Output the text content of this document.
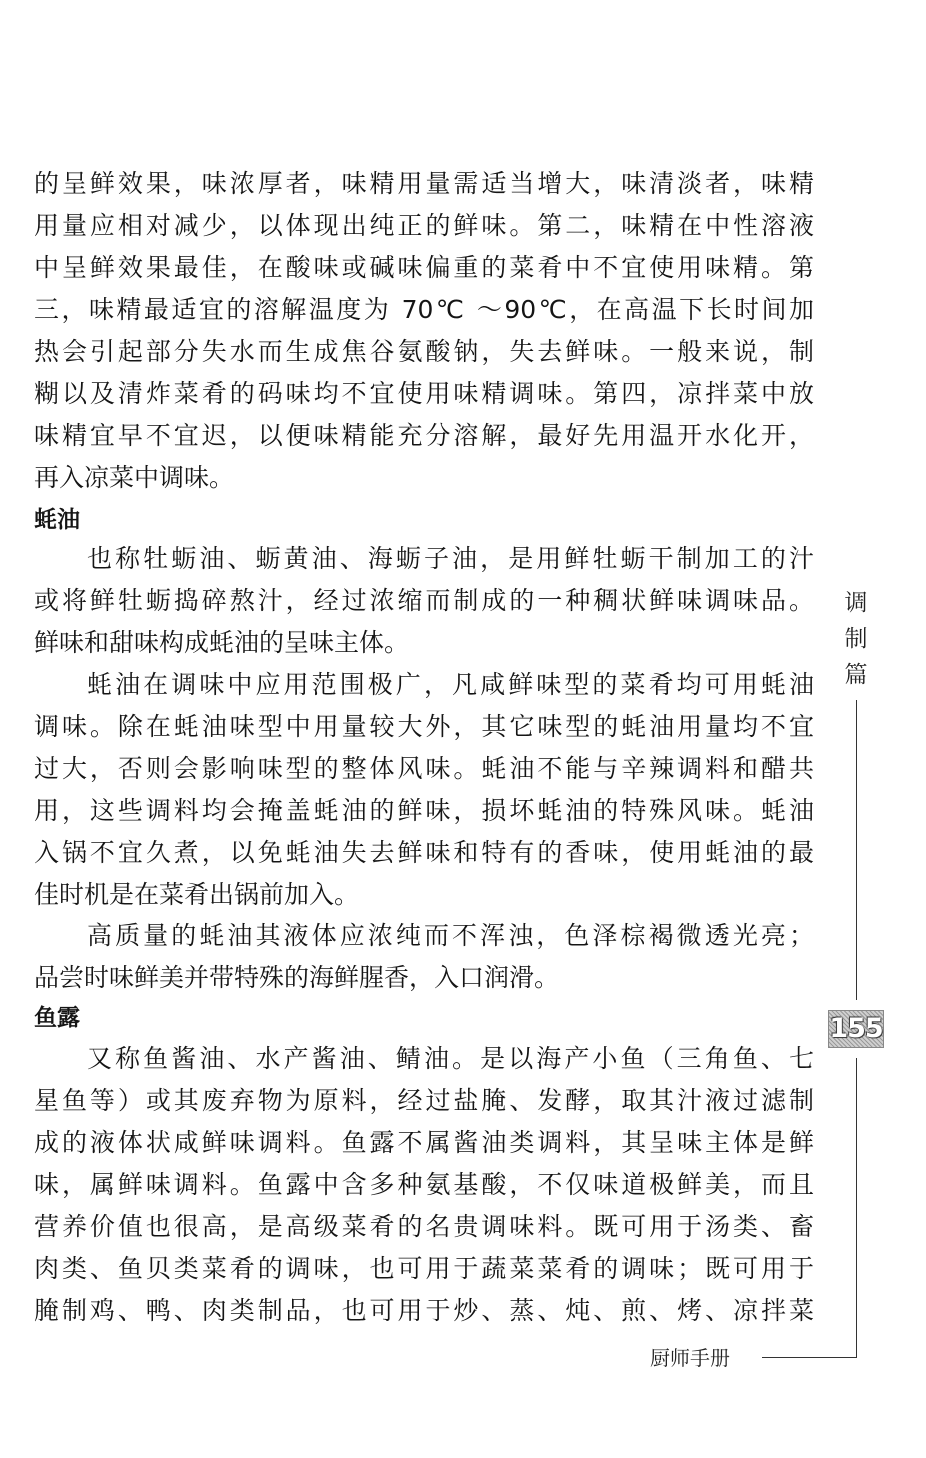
的呈鲜效果，味浓厚者，味精用量需适当增大，味清淡者，味精
用量应相对减少，以体现出纯正的鲜味。第二，味精在中性溶液
中呈鲜效果最佳，在酸味或碱味偏重的菜肴中不宜使用味精。第
三，味精最适宜的溶解温度为 70℃ ～90℃，在高温下长时间加
热会引起部分失水而生成焦谷氨酸钠，失去鲜味。一般来说，制
糊以及清炸菜肴的码味均不宜使用味精调味。第四，凉拌菜中放
味精宜早不宜迟，以便味精能充分溶解，最好先用温开水化开，
再入凉菜中调味。
蚝油
也称牡蛎油、蛎黄油、海蛎子油，是用鲜牡蛎干制加工的汁
或将鲜牡蛎捣碎熬汁，经过浓缩而制成的一种稠状鲜味调味品。
鲜味和甜味构成蚝油的呈味主体。
蚝油在调味中应用范围极广，凡咸鲜味型的菜肴均可用蚝油
调味。除在蚝油味型中用量较大外，其它味型的蚝油用量均不宜
过大，否则会影响味型的整体风味。蚝油不能与辛辣调料和醋共
用，这些调料均会掩盖蚝油的鲜味，损坏蚝油的特殊风味。蚝油
入锅不宜久煮，以免蚝油失去鲜味和特有的香味，使用蚝油的最
佳时机是在菜肴出锅前加入。
高质量的蚝油其液体应浓纯而不浑浊，色泽棕褐微透光亮；
品尝时味鲜美并带特殊的海鲜腥香，入口润滑。
鱼露
又称鱼酱油、水产酱油、鲭油。是以海产小鱼（三角鱼、七
星鱼等）或其废弃物为原料，经过盐腌、发酵，取其汁液过滤制
成的液体状咸鲜味调料。鱼露不属酱油类调料，其呈味主体是鲜
味，属鲜味调料。鱼露中含多种氨基酸，不仅味道极鲜美，而且
营养价值也很高，是高级菜肴的名贵调味料。既可用于汤类、畜
肉类、鱼贝类菜肴的调味，也可用于蔬菜菜肴的调味；既可用于
腌制鸡、鸭、肉类制品，也可用于炒、蒸、炖、煎、烤、凉拌菜
调
制
篇
155
厨师手册
